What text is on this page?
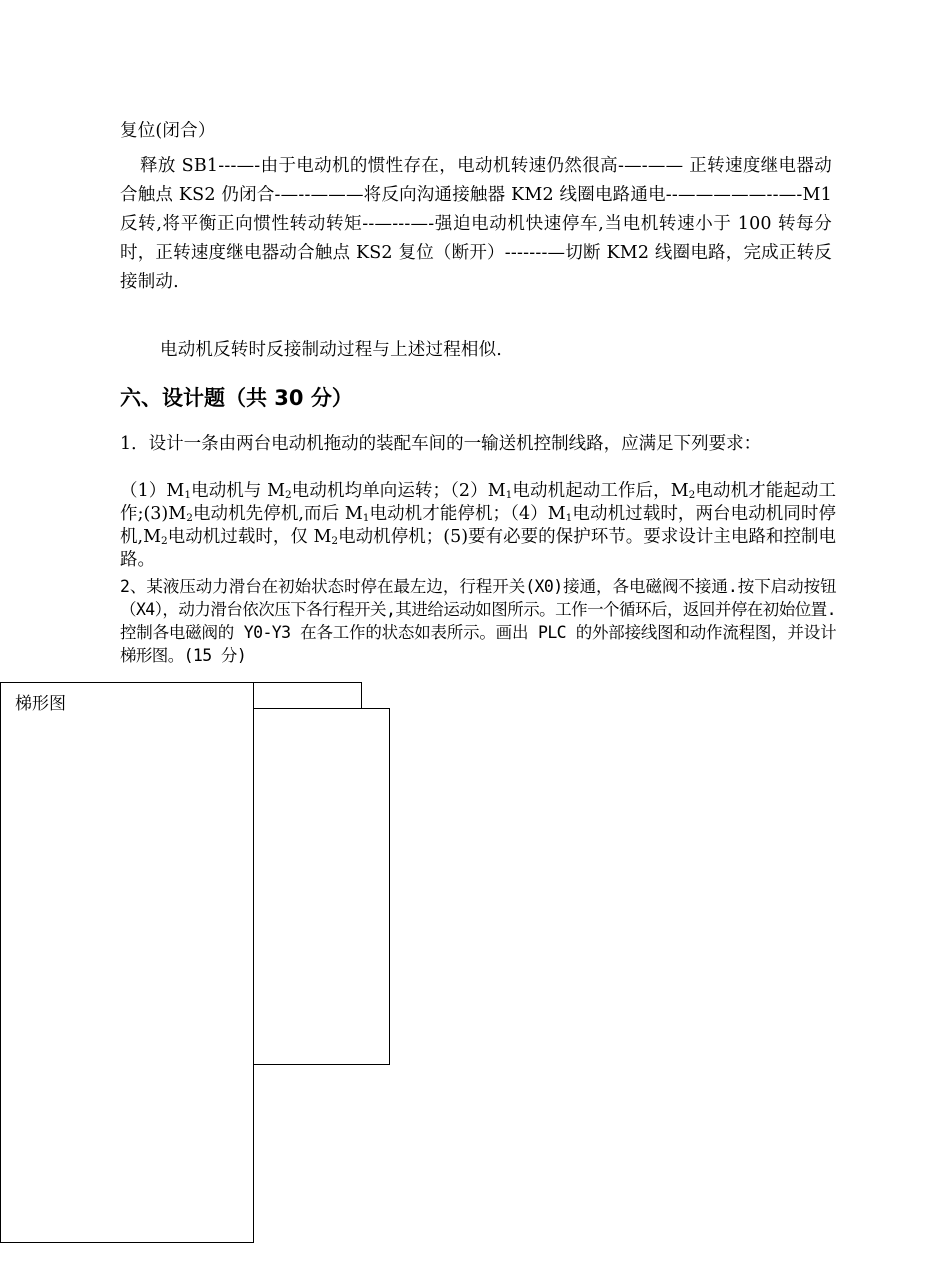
复位(闭合）

释放 SB1---—-由于电动机的惯性存在，电动机转速仍然很高-—-—— 正转速度继电器动合触点 KS2 仍闭合-—--———将反向沟通接触器 KM2 线圈电路通电--—————--—-M1 反转,将平衡正向惯性转动转矩--—---—-强迫电动机快速停车,当电机转速小于 100 转每分时，正转速度继电器动合触点 KS2 复位（断开）-------—切断 KM2 线圈电路，完成正转反接制动.

电动机反转时反接制动过程与上述过程相似.

六、设计题（共 30 分）

1．设计一条由两台电动机拖动的装配车间的一输送机控制线路，应满足下列要求：

$(1)M_1$电动机与 $M_2$电动机均单向运转；$(2)M_1$电动机起动工作后，$M_2$电动机才能起动工作$;(3)M_2$电动机先停机,而后 $M_1$电动机才能停机；$(4)M_1$电动机过载时，两台电动机同时停机$,M_2$电动机过载时，仅 $M_2$电动机停机；(5)要有必要的保护环节。要求设计主电路和控制电路。

2、某液压动力滑台在初始状态时停在最左边，行程开关(X0)接通，各电磁阀不接通.按下启动按钮（X4），动力滑台依次压下各行程开关,其进给运动如图所示。工作一个循环后，返回并停在初始位置.控制各电磁阀的 Y0-Y3 在各工作的状态如表所示。画出 PLC 的外部接线图和动作流程图，并设计梯形图。(15 分)

梯形图
